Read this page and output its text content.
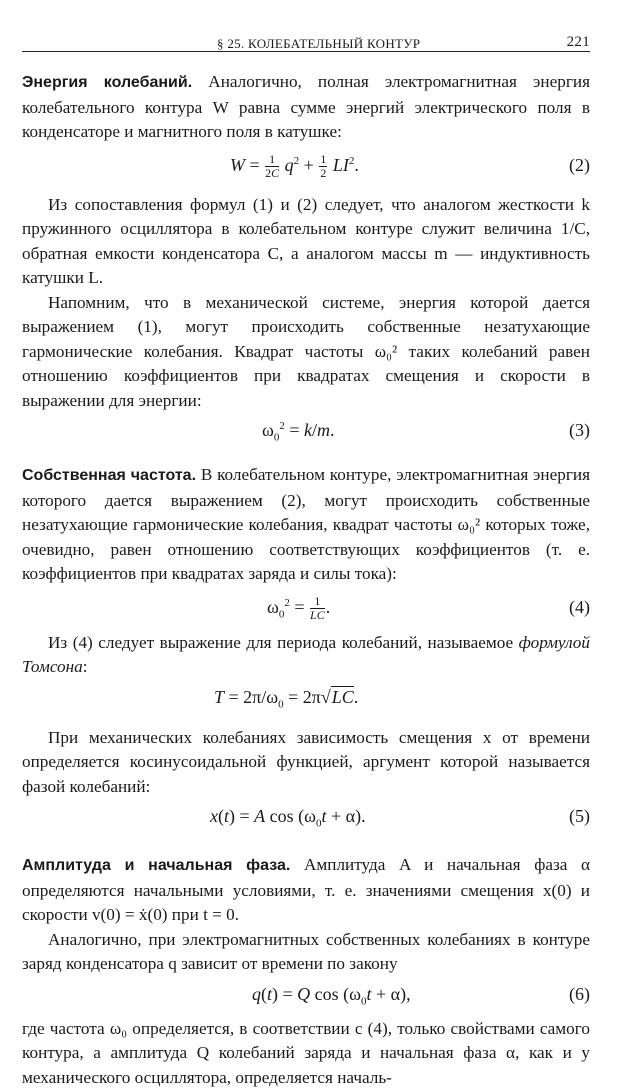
§ 25. КОЛЕБАТЕЛЬНЫЙ КОНТУР	221

Энергия колебаний. Аналогично, полная электромагнитная энергия колебательного контура W равна сумме энергий электрического поля в конденсаторе и магнитного поля в катушке:

$W = \frac{1}{2C} q^2 + \frac{1}{2} LI^2$.	(2)

Из сопоставления формул (1) и (2) следует, что аналогом жесткости k пружинного осциллятора в колебательном контуре служит величина 1/C, обратная емкости конденсатора C, а аналогом массы m — индуктивность катушки L.

Напомним, что в механической системе, энергия которой дается выражением (1), могут происходить собственные незатухающие гармонические колебания. Квадрат частоты ω₀² таких колебаний равен отношению коэффициентов при квадратах смещения и скорости в выражении для энергии:

$\omega_0^2 = k/m$.	(3)

Собственная частота. В колебательном контуре, электромагнитная энергия которого дается выражением (2), могут происходить собственные незатухающие гармонические колебания, квадрат частоты ω₀² которых тоже, очевидно, равен отношению соответствующих коэффициентов (т. е. коэффициентов при квадратах заряда и силы тока):

$\omega_0^2 = \frac{1}{LC}$ .	(4)

Из (4) следует выражение для периода колебаний, называемое формулой Томсона:

$T = 2\pi/\omega_0 = 2\pi√LC$.

При механических колебаниях зависимость смещения x от времени определяется косинусоидальной функцией, аргумент которой называется фазой колебаний:

x(t) = A $\cos (\omega_0t + \alpha)$.	(5)

Амплитуда и начальная фаза. Амплитуда A и начальная фаза α определяются начальными условиями, т. е. значениями смещения x(0) и скорости v(0) = ẋ(0) при t = 0.

Аналогично, при электромагнитных собственных колебаниях в контуре заряд конденсатора q зависит от времени по закону

q(t) = Q $\cos (\omega_0t + \alpha)$,	(6)

где частота ω₀ определяется, в соответствии с (4), только свойствами самого контура, а амплитуда Q колебаний заряда и начальная фаза α, как и у механического осциллятора, определяется началь-
